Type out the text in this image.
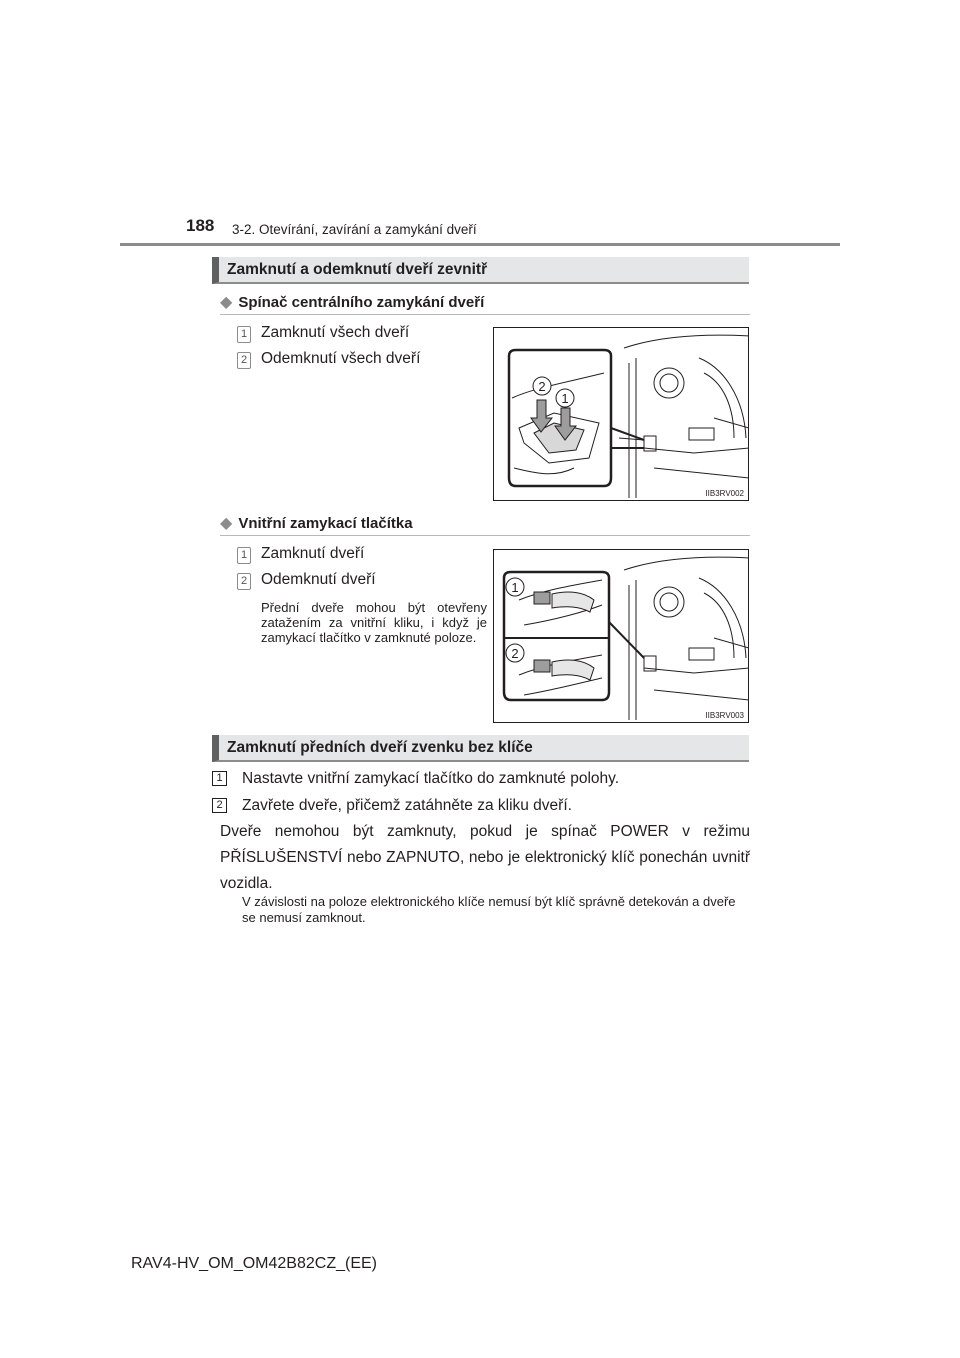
188 3-2. Otevírání, zavírání a zamykání dveří
Zamknutí a odemknutí dveří zevnitř
◆ Spínač centrálního zamykání dveří
1 Zamknutí všech dveří
2 Odemknutí všech dveří
2
1
IIB3RV002
◆ Vnitřní zamykací tlačítka
1 Zamknutí dveří
2 Odemknutí dveří
Přední dveře mohou být otevřeny zatažením za vnitřní kliku, i když je zamykací tlačítko v zamknuté poloze.
1
2
IIB3RV003
Zamknutí předních dveří zvenku bez klíče
1 Nastavte vnitřní zamykací tlačítko do zamknuté polohy.
2 Zavřete dveře, přičemž zatáhněte za kliku dveří.
Dveře nemohou být zamknuty, pokud je spínač POWER v režimu PŘÍSLUŠENSTVÍ nebo ZAPNUTO, nebo je elektronický klíč ponechán uvnitř vozidla.
V závislosti na poloze elektronického klíče nemusí být klíč správně detekován a dveře se nemusí zamknout.
RAV4-HV_OM_OM42B82CZ_(EE)
